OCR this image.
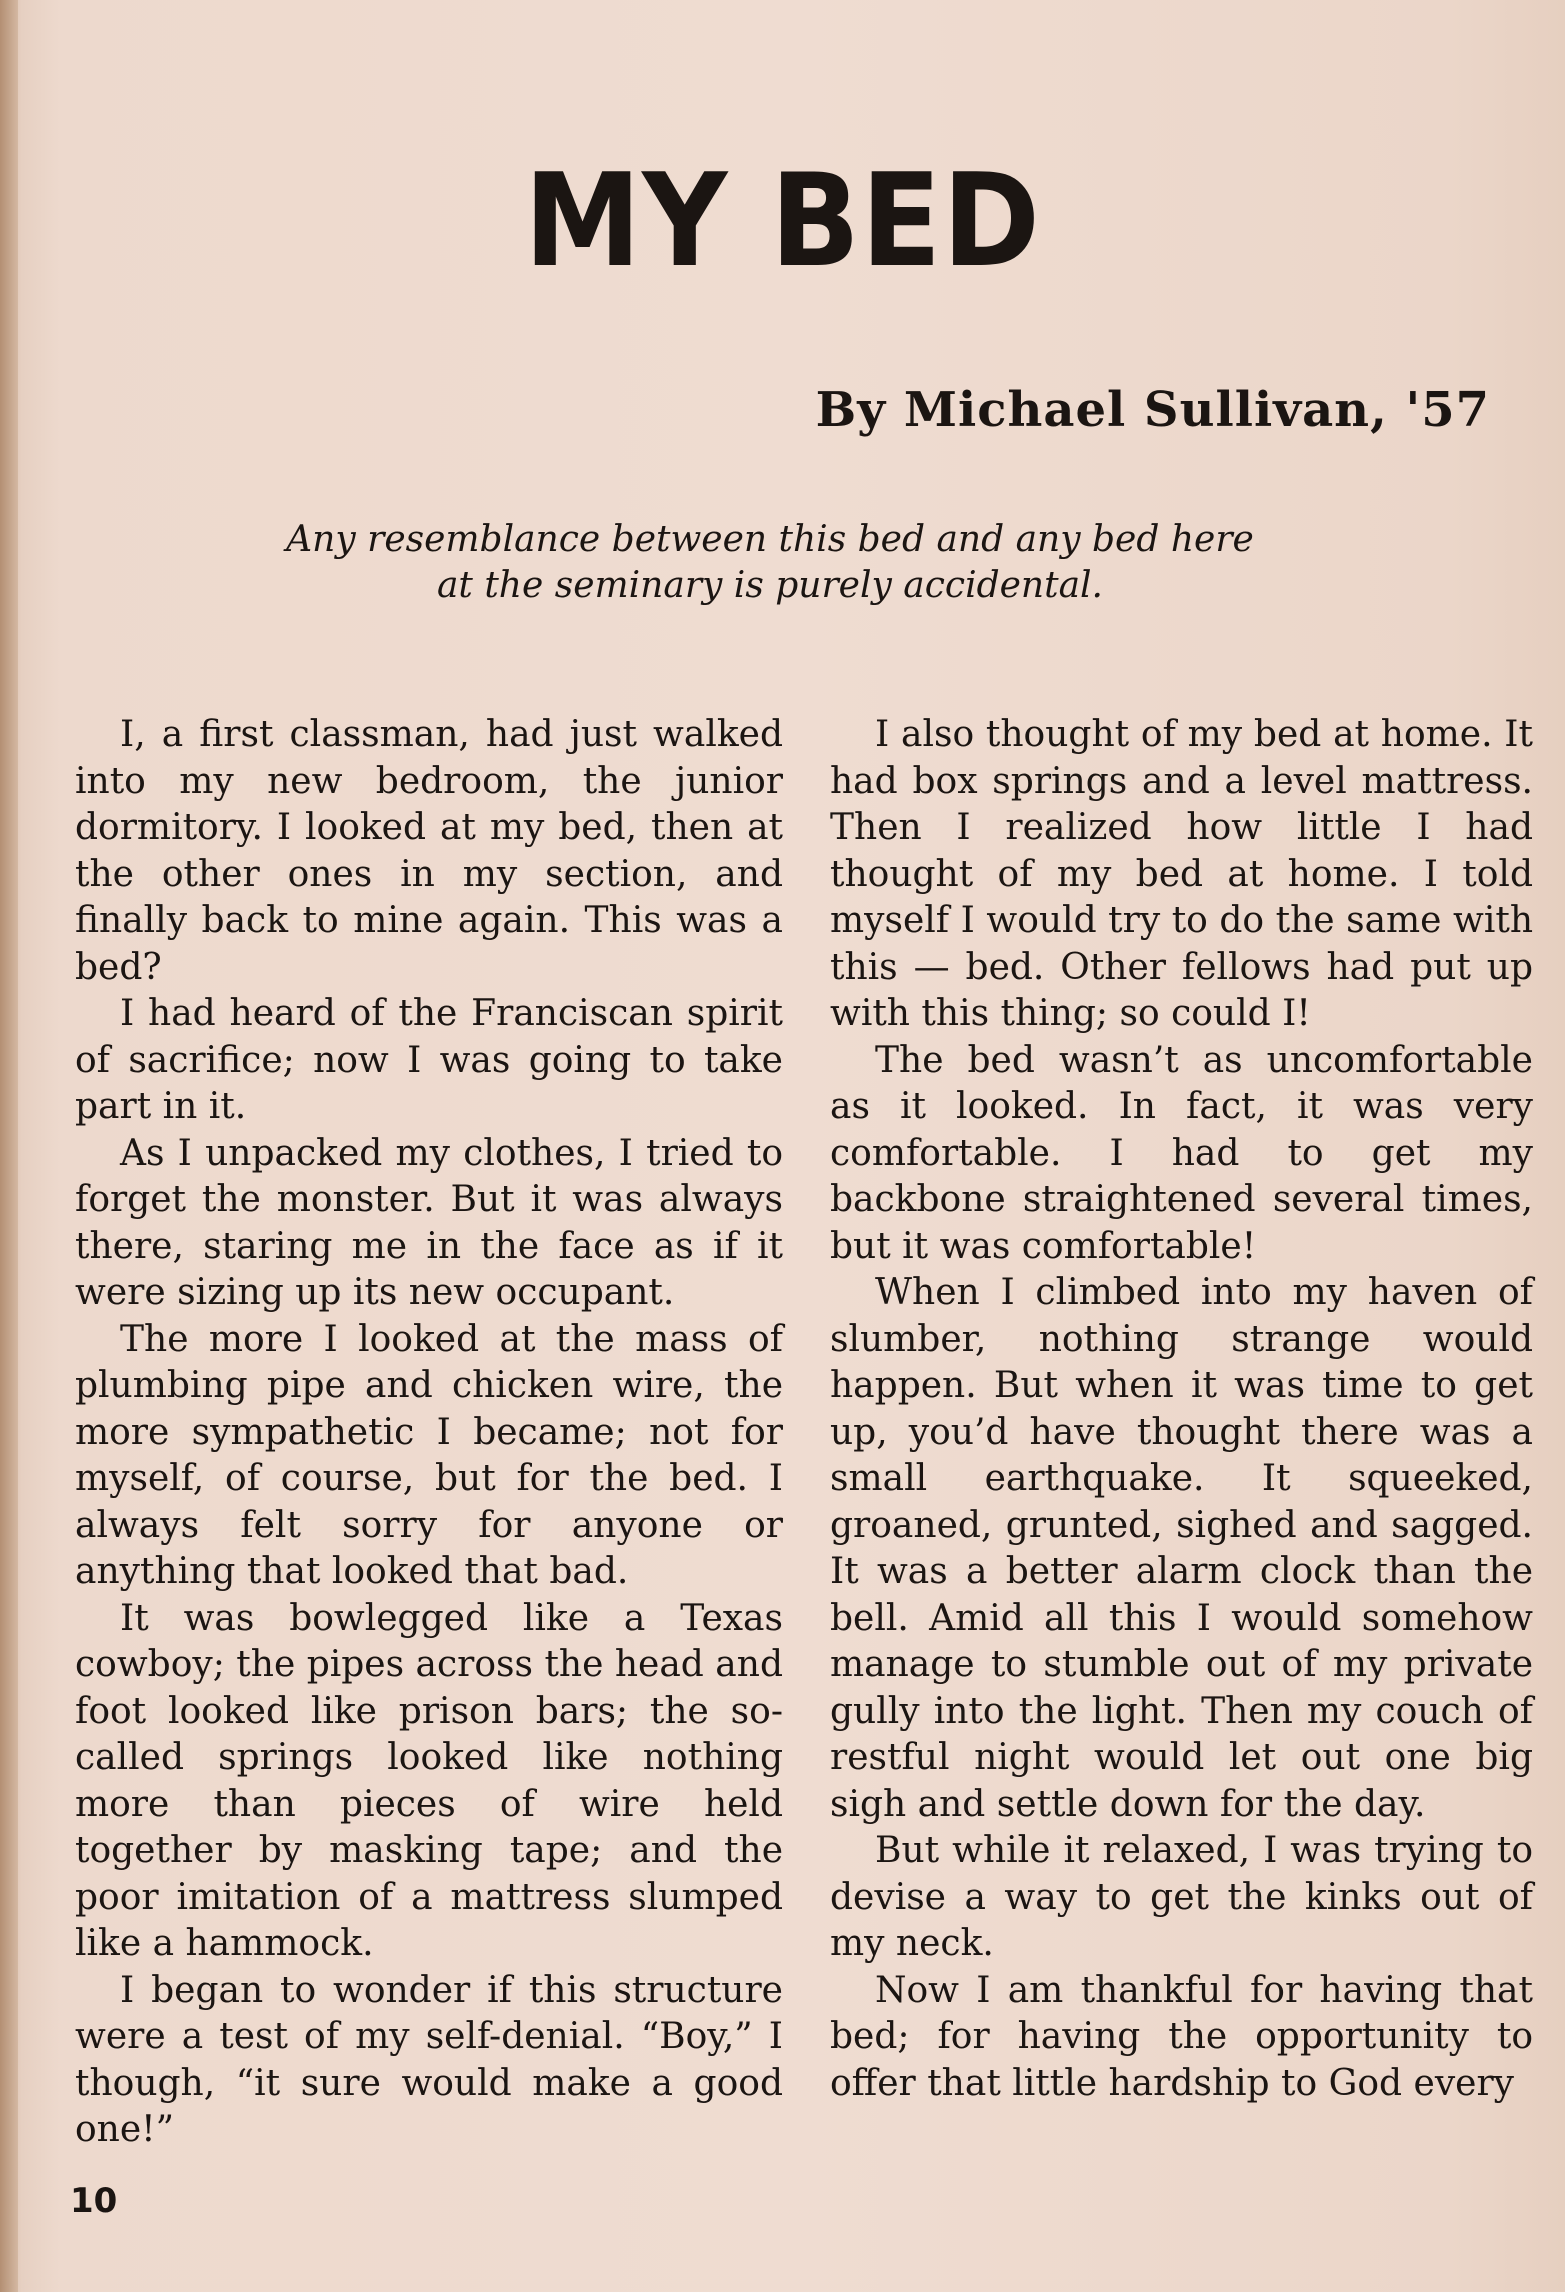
MY BED
By Michael Sullivan, '57
Any resemblance between this bed and any bed here
at the seminary is purely accidental.

I, a first classman, had just walked into my new bedroom, the junior dormitory. I looked at my bed, then at the other ones in my section, and finally back to mine again. This was a bed?

I had heard of the Franciscan spirit of sacrifice; now I was going to take part in it.

As I unpacked my clothes, I tried to forget the monster. But it was always there, staring me in the face as if it were sizing up its new occupant.

The more I looked at the mass of plumbing pipe and chicken wire, the more sympathetic I became; not for myself, of course, but for the bed. I always felt sorry for anyone or anything that looked that bad.

It was bowlegged like a Texas cowboy; the pipes across the head and foot looked like prison bars; the so-called springs looked like nothing more than pieces of wire held together by masking tape; and the poor imitation of a mattress slumped like a hammock.

I began to wonder if this structure were a test of my self-denial. “Boy,” I though, “it sure would make a good one!”

I also thought of my bed at home. It had box springs and a level mattress. Then I realized how little I had thought of my bed at home. I told myself I would try to do the same with this — bed. Other fellows had put up with this thing; so could I!

The bed wasn’t as uncomfortable as it looked. In fact, it was very comfortable. I had to get my backbone straightened several times, but it was comfortable!

When I climbed into my haven of slumber, nothing strange would happen. But when it was time to get up, you’d have thought there was a small earthquake. It squeeked, groaned, grunted, sighed and sagged. It was a better alarm clock than the bell. Amid all this I would somehow manage to stumble out of my private gully into the light. Then my couch of restful night would let out one big sigh and settle down for the day.

But while it relaxed, I was trying to devise a way to get the kinks out of my neck.

Now I am thankful for having that bed; for having the opportunity to offer that little hardship to God every

10
